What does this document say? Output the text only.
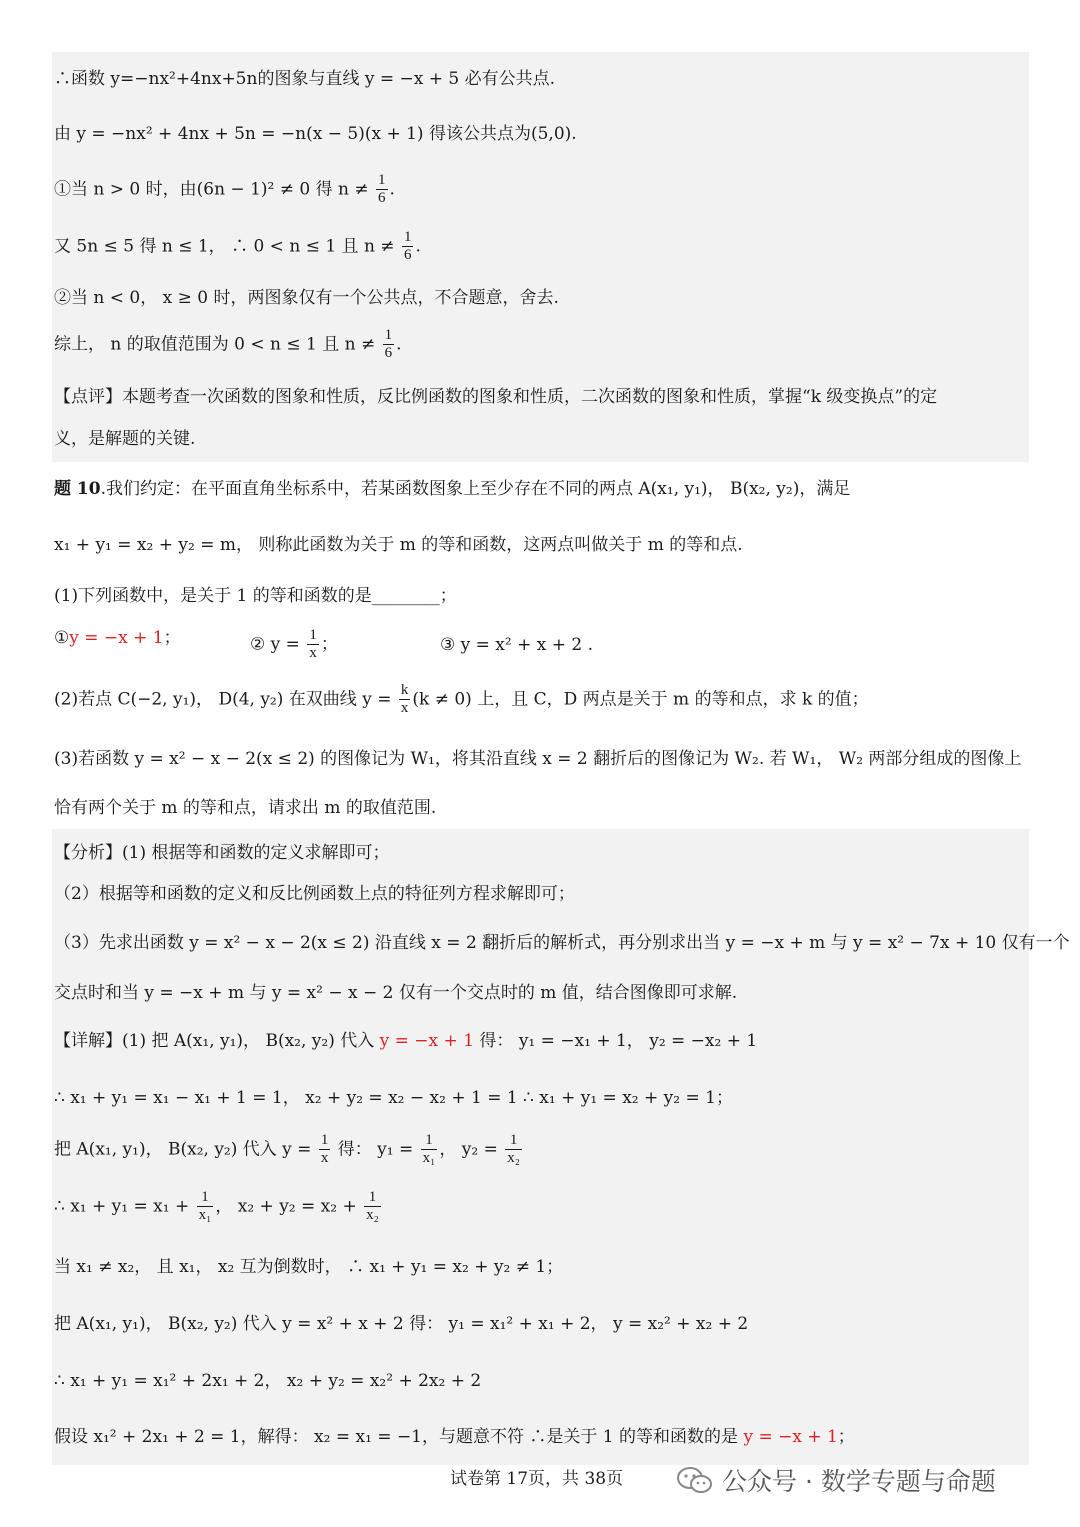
∴函数 y=−nx²+4nx+5n的图象与直线 y = −x + 5 必有公共点.
由 y = −nx² + 4nx + 5n = −n(x − 5)(x + 1) 得该公共点为(5,0).
①当 n > 0 时，由(6n − 1)² ≠ 0 得 $n \ne \frac{1}{6}$ .
又 5n ≤ 5 得 n ≤ 1， ∴ 0 < n ≤ 1 且 $n \ne \frac{1}{6}$ .
②当 n < 0， x ≥ 0 时，两图象仅有一个公共点，不合题意，舍去.
综上， n 的取值范围为 0 < n ≤ 1 且 $n \ne \frac{1}{6}$ .
【点评】本题考查一次函数的图象和性质，反比例函数的图象和性质，二次函数的图象和性质，掌握“k 级变换点”的定
义，是解题的关键.
题 10.我们约定：在平面直角坐标系中，若某函数图象上至少存在不同的两点 A(x₁, y₁)， B(x₂, y₂)，满足
x₁ + y₁ = x₂ + y₂ = m， 则称此函数为关于 m 的等和函数，这两点叫做关于 m 的等和点.
(1)下列函数中，是关于 1 的等和函数的是________；
①y = −x + 1；	② $y = \frac{1}{x}$ ；	③ y = x² + x + 2 .
(2)若点 C(−2, y₁)， D(4, y₂) 在双曲线 $y = \frac{k}{x} (k \ne 0)$ 上，且 C，D 两点是关于 m 的等和点，求 k 的值；
(3)若函数 y = x² − x − 2(x ≤ 2) 的图像记为 W₁，将其沿直线 x = 2 翻折后的图像记为 W₂. 若 W₁， W₂ 两部分组成的图像上
恰有两个关于 m 的等和点，请求出 m 的取值范围.
【分析】(1) 根据等和函数的定义求解即可；
（2）根据等和函数的定义和反比例函数上点的特征列方程求解即可；
（3）先求出函数 y = x² − x − 2(x ≤ 2) 沿直线 x = 2 翻折后的解析式，再分别求出当 y = −x + m 与 y = x² − 7x + 10 仅有一个
交点时和当 y = −x + m 与 y = x² − x − 2 仅有一个交点时的 m 值，结合图像即可求解.
【详解】(1) 把 A(x₁, y₁)， B(x₂, y₂) 代入 y = −x + 1 得： y₁ = −x₁ + 1， y₂ = −x₂ + 1
∴ x₁ + y₁ = x₁ − x₁ + 1 = 1， x₂ + y₂ = x₂ − x₂ + 1 = 1 ∴ x₁ + y₁ = x₂ + y₂ = 1；
把 A(x₁, y₁)， B(x₂, y₂) 代入 $y = \frac{1}{x}$ 得： $y_1 = \frac{1}{\text{x₁}}$ ， $y_2 = \frac{1}{\text{x₂}}$
∴ $x_1 + y_1 = x_1 + \frac{1}{\text{x₁}}$ ， $x_2 + y_2 = x_2 + \frac{1}{\text{x₂}}$
当 x₁ ≠ x₂， 且 x₁， x₂ 互为倒数时， ∴ x₁ + y₁ = x₂ + y₂ ≠ 1；
把 A(x₁, y₁)， B(x₂, y₂) 代入 y = x² + x + 2 得： y₁ = x₁² + x₁ + 2， y = x₂² + x₂ + 2
∴ x₁ + y₁ = x₁² + 2x₁ + 2， x₂ + y₂ = x₂² + 2x₂ + 2
假设 x₁² + 2x₁ + 2 = 1，解得： x₂ = x₁ = −1，与题意不符 ∴是关于 1 的等和函数的是 y = −x + 1；
试卷第 17页，共 38页	公众号 · 数学专题与命题
